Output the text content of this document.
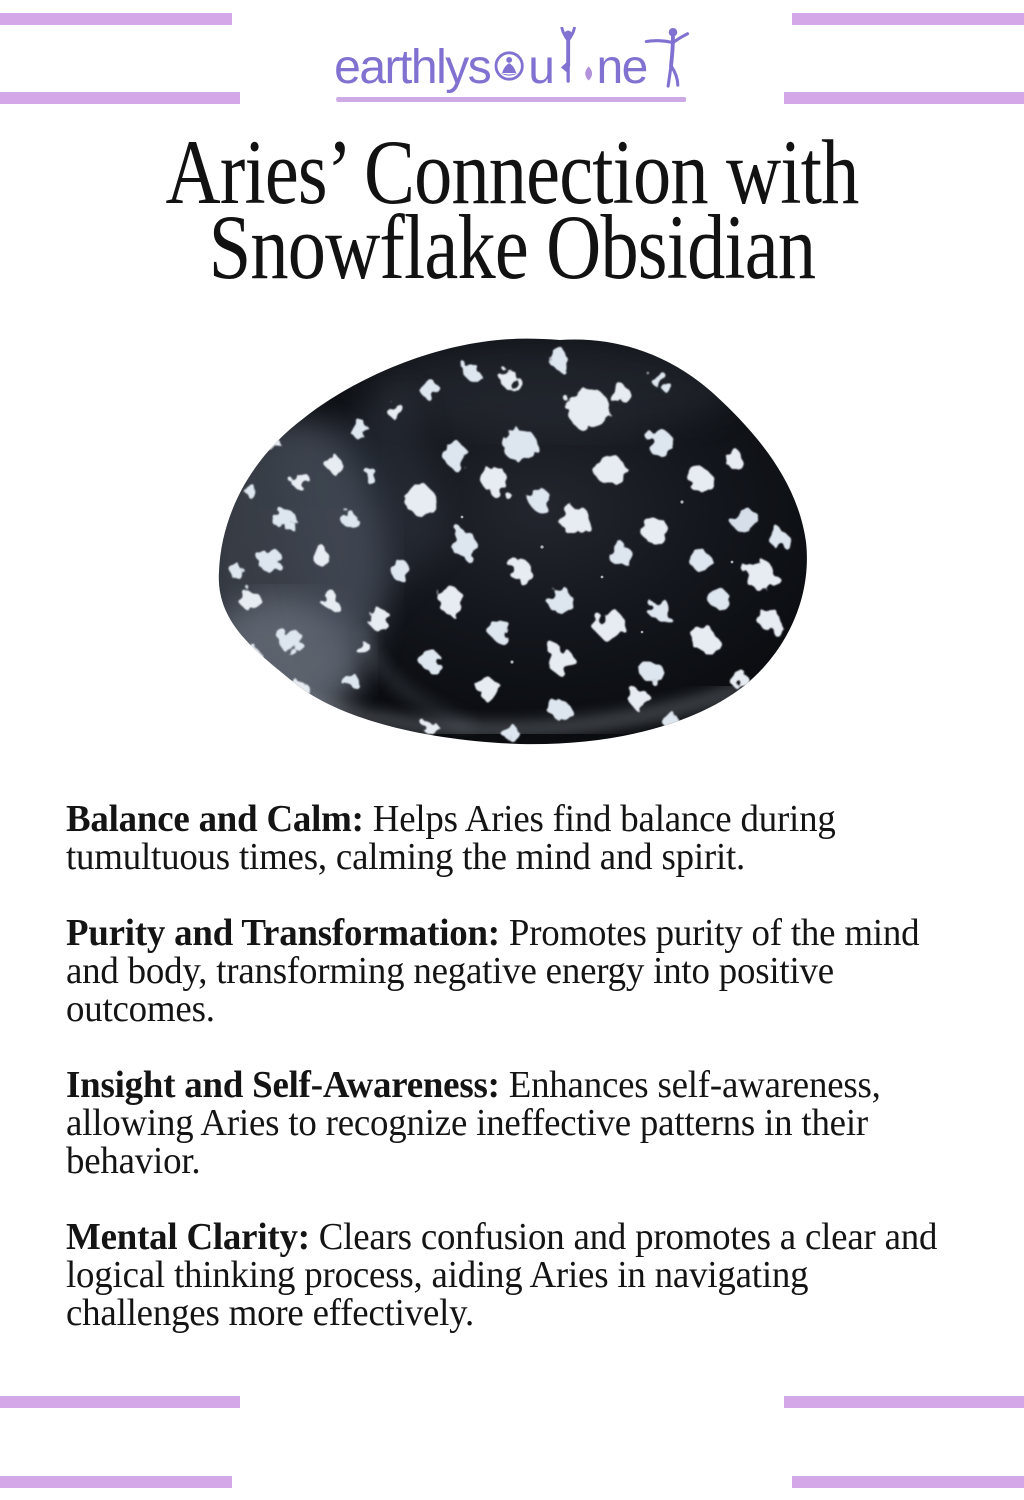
earthlys u ne
Aries’ Connection with
Snowflake Obsidian

Balance and Calm: Helps Aries find balance during tumultuous times, calming the mind and spirit.

Purity and Transformation: Promotes purity of the mind and body, transforming negative energy into positive outcomes.

Insight and Self-Awareness: Enhances self-awareness, allowing Aries to recognize ineffective patterns in their behavior.

Mental Clarity: Clears confusion and promotes a clear and logical thinking process, aiding Aries in navigating challenges more effectively.
